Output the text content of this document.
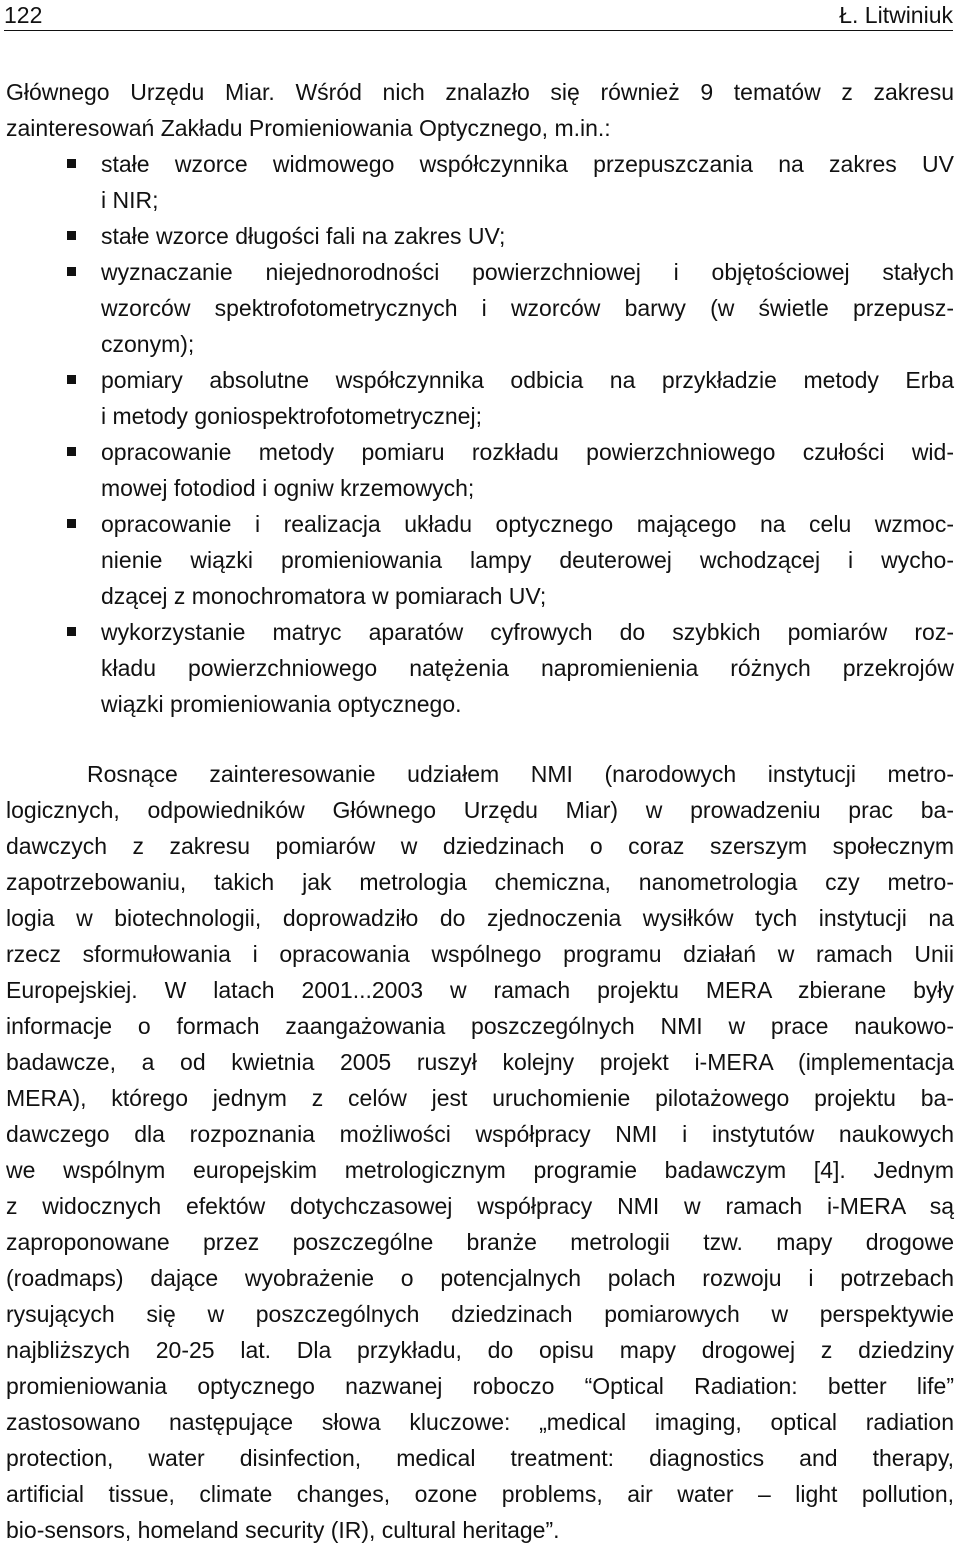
122	Ł. Litwiniuk
Głównego Urzędu Miar. Wśród nich znalazło się również 9 tematów z zakresu
zainteresowań Zakładu Promieniowania Optycznego, m.in.:
stałe wzorce widmowego współczynnika przepuszczania na zakres UV
i NIR;
stałe wzorce długości fali na zakres UV;
wyznaczanie niejednorodności powierzchniowej i objętościowej stałych
wzorców spektrofotometrycznych i wzorców barwy (w świetle przepusz-
czonym);
pomiary absolutne współczynnika odbicia na przykładzie metody Erba
i metody goniospektrofotometrycznej;
opracowanie metody pomiaru rozkładu powierzchniowego czułości wid-
mowej fotodiod i ogniw krzemowych;
opracowanie i realizacja układu optycznego mającego na celu wzmoc-
nienie wiązki promieniowania lampy deuterowej wchodzącej i wycho-
dzącej z monochromatora w pomiarach UV;
wykorzystanie matryc aparatów cyfrowych do szybkich pomiarów roz-
kładu powierzchniowego natężenia napromienienia różnych przekrojów
wiązki promieniowania optycznego.
Rosnące zainteresowanie udziałem NMI (narodowych instytucji metro-
logicznych, odpowiedników Głównego Urzędu Miar) w prowadzeniu prac ba-
dawczych z zakresu pomiarów w dziedzinach o coraz szerszym społecznym
zapotrzebowaniu, takich jak metrologia chemiczna, nanometrologia czy metro-
logia w biotechnologii, doprowadziło do zjednoczenia wysiłków tych instytucji na
rzecz sformułowania i opracowania wspólnego programu działań w ramach Unii
Europejskiej. W latach 2001...2003 w ramach projektu MERA zbierane były
informacje o formach zaangażowania poszczególnych NMI w prace naukowo-
badawcze, a od kwietnia 2005 ruszył kolejny projekt i-MERA (implementacja
MERA), którego jednym z celów jest uruchomienie pilotażowego projektu ba-
dawczego dla rozpoznania możliwości współpracy NMI i instytutów naukowych
we wspólnym europejskim metrologicznym programie badawczym [4]. Jednym
z widocznych efektów dotychczasowej współpracy NMI w ramach i-MERA są
zaproponowane przez poszczególne branże metrologii tzw. mapy drogowe
(roadmaps) dające wyobrażenie o potencjalnych polach rozwoju i potrzebach
rysujących się w poszczególnych dziedzinach pomiarowych w perspektywie
najbliższych 20-25 lat. Dla przykładu, do opisu mapy drogowej z dziedziny
promieniowania optycznego nazwanej roboczo “Optical Radiation: better life”
zastosowano następujące słowa kluczowe: „medical imaging, optical radiation
protection, water disinfection, medical treatment: diagnostics and therapy,
artificial tissue, climate changes, ozone problems, air water – light pollution,
bio-sensors, homeland security (IR), cultural heritage”.
